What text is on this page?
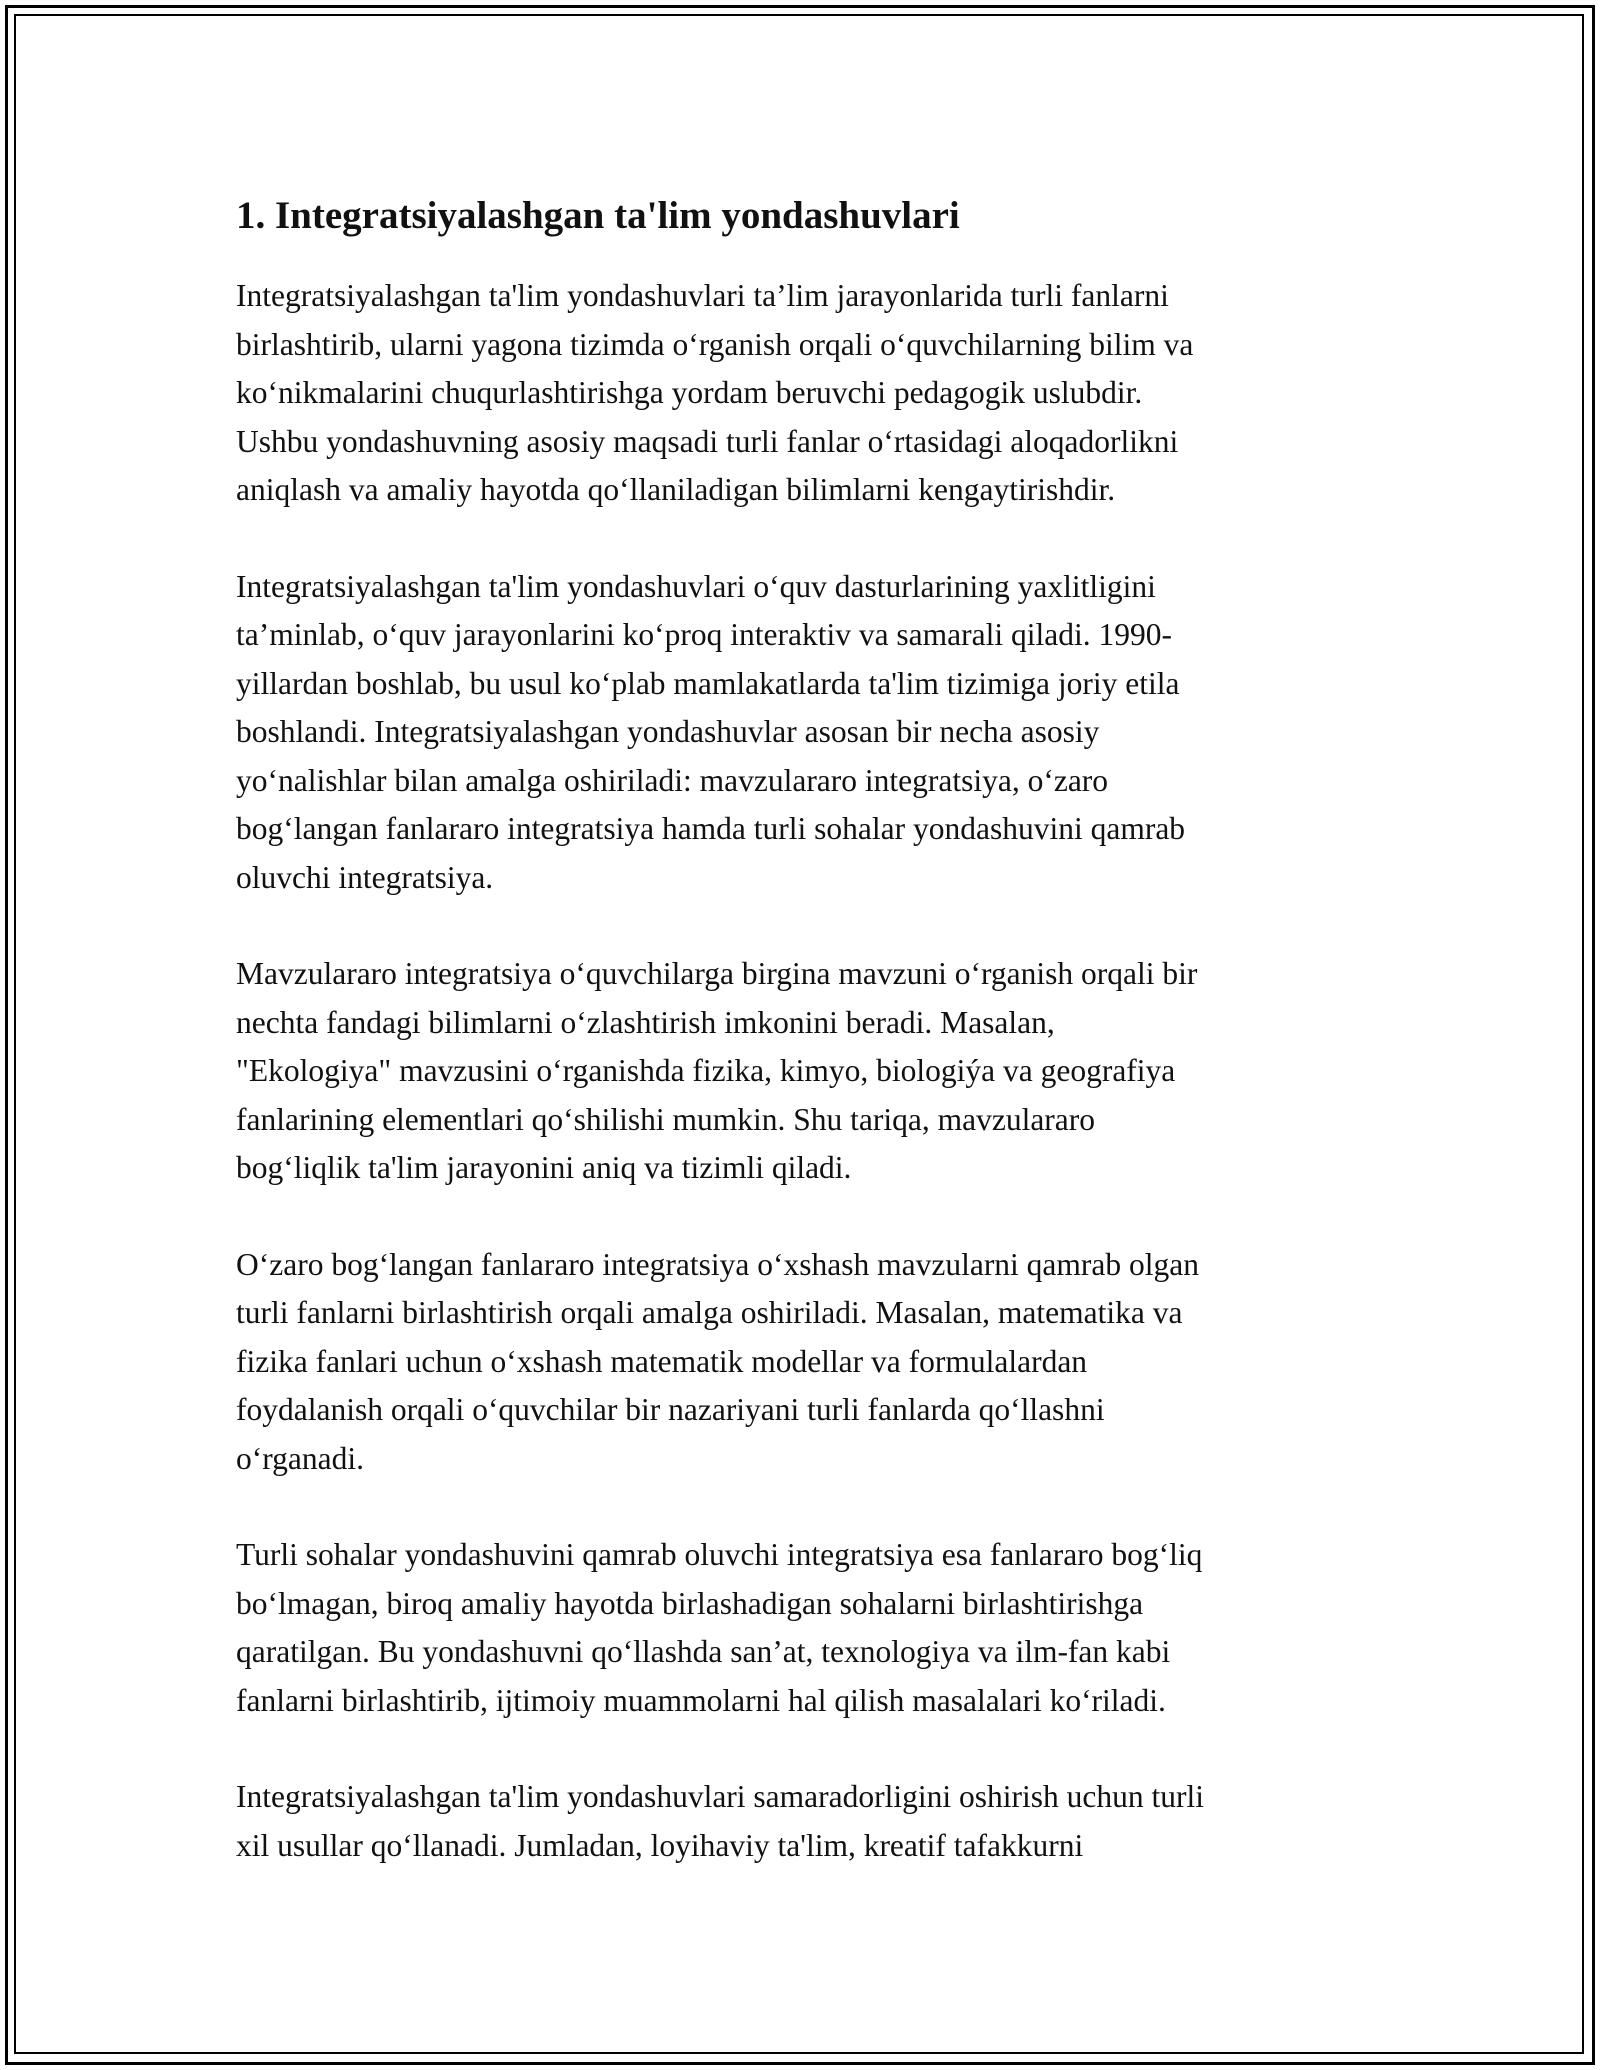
1. Integratsiyalashgan ta'lim yondashuvlari

Integratsiyalashgan ta'lim yondashuvlari ta’lim jarayonlarida turli fanlarni
birlashtirib, ularni yagona tizimda o‘rganish orqali o‘quvchilarning bilim va
ko‘nikmalarini chuqurlashtirishga yordam beruvchi pedagogik uslubdir.
Ushbu yondashuvning asosiy maqsadi turli fanlar o‘rtasidagi aloqadorlikni
aniqlash va amaliy hayotda qo‘llaniladigan bilimlarni kengaytirishdir.

Integratsiyalashgan ta'lim yondashuvlari o‘quv dasturlarining yaxlitligini
ta’minlab, o‘quv jarayonlarini ko‘proq interaktiv va samarali qiladi. 1990-
yillardan boshlab, bu usul ko‘plab mamlakatlarda ta'lim tizimiga joriy etila
boshlandi. Integratsiyalashgan yondashuvlar asosan bir necha asosiy
yo‘nalishlar bilan amalga oshiriladi: mavzulararo integratsiya, o‘zaro
bog‘langan fanlararo integratsiya hamda turli sohalar yondashuvini qamrab
oluvchi integratsiya.

Mavzulararo integratsiya o‘quvchilarga birgina mavzuni o‘rganish orqali bir
nechta fandagi bilimlarni o‘zlashtirish imkonini beradi. Masalan,
"Ekologiya" mavzusini o‘rganishda fizika, kimyo, biologiýa va geografiya
fanlarining elementlari qo‘shilishi mumkin. Shu tariqa, mavzulararo
bog‘liqlik ta'lim jarayonini aniq va tizimli qiladi.

O‘zaro bog‘langan fanlararo integratsiya o‘xshash mavzularni qamrab olgan
turli fanlarni birlashtirish orqali amalga oshiriladi. Masalan, matematika va
fizika fanlari uchun o‘xshash matematik modellar va formulalardan
foydalanish orqali o‘quvchilar bir nazariyani turli fanlarda qo‘llashni
o‘rganadi.

Turli sohalar yondashuvini qamrab oluvchi integratsiya esa fanlararo bog‘liq
bo‘lmagan, biroq amaliy hayotda birlashadigan sohalarni birlashtirishga
qaratilgan. Bu yondashuvni qo‘llashda san’at, texnologiya va ilm-fan kabi
fanlarni birlashtirib, ijtimoiy muammolarni hal qilish masalalari ko‘riladi.

Integratsiyalashgan ta'lim yondashuvlari samaradorligini oshirish uchun turli
xil usullar qo‘llanadi. Jumladan, loyihaviy ta'lim, kreatif tafakkurni
